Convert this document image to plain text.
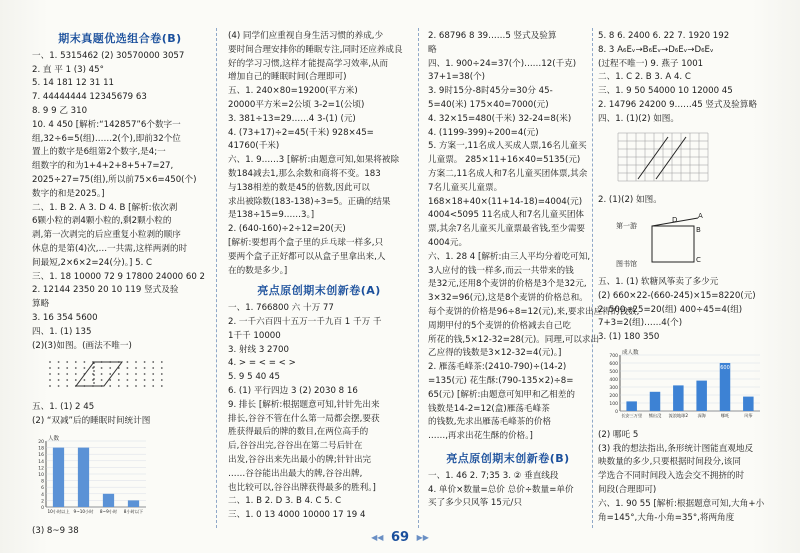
期末真题优选组合卷(B)
一、1. 5315462 (2) 30570000 3057
2. 直 平 1 (3) 45°
5. 14 181 12 31 11
7. 44444444 12345679 63
8. 9 9 乙 310
10. 4 450 [解析:“142857”6个数字一
组,32÷6=5(组)……2(个),即前32个位
置上的数字是6组第2个数字,是4;一
组数字的和为1+4+2+8+5+7=27,
2025÷27=75(组),所以前75×6=450(个)
数字的和是2025。]
二、1. B 2. A 3. D 4. B [解析:依次剥
6颗小粒的剥4颗小粒的,剩2颗小粒的
剥,第一次剥完的后应重复小粒剥的顺序
休息的是第(4)次,…一共需,这样两剥的时
间最短,2×6×2=24(分)。] 5. C
三、1. 18 10000 72 9 17800 24000 60 2
2. 12144 2350 20 10 119 竖式及验
算略
3. 16 354 5600
四、1. (1) 135
(2)(3)如图。(画法不唯一)
五、1. (1) 2 45
(2) “双减”后的睡眠时间统计图
人数
0
2
4
6
8
10
12
14
16
18
20
10小时以上 9~10小时 8~9小时 8小时以下
(3) 8~9 38
(4) 同学们应重视自身生活习惯的养成,少
要时间合理安排你的睡眠专注,同时还应养成良
好的学习习惯,这样才能提高学习效率,从而
增加自己的睡眠时间(合理即可)
五、1. 240×80=19200(平方米)
20000平方米=2公顷 3-2=1(公顷)
3. 381÷13=29……4 3-(1) (元)
4. (73+17)÷2=45(千米) 928×45=
41760(千米)
六、1. 9……3 [解析:由题意可知,如果将被除
数184减去1,那么余数和商将不变。183
与138相差的数是45的倍数,因此可以
求出被除数(183-138)÷3=5。正确的结果
是138÷15=9……3。]
2. (640-160)÷2÷12=20(天)
[解析:要想再个盒子里的乒乓球一样多,只
要两个盒子正好都可以从盒子里拿出来,人
在的数是多少。]
亮点原创期末创新卷(A)
一、1. 766800 六 十万 77
2. 一千六百四十五万一千九百 1 千万 千
1千千 10000
3. 射线 3 2700
4. > = < = < >
5. 9 5 40 45
6. (1) 平行四边 3 (2) 2030 8 16
9. 排长 [解析:根据题意可知,针针先出来
排长,谷谷不管在什么第一局都会摆,要获
胜获得最后的牌的数目,在两位高手的
后,谷谷出完,谷谷出在第二号后针在
出发,谷谷出来先出最小的牌;针针出完
……谷谷能出出最大的牌,谷谷出牌,
也比较可以,谷谷出牌获得最多的胜利。]
二、1. B 2. D 3. B 4. C 5. C
三、1. 0 13 4000 10000 17 19 4
2. 68796 8 39……5 竖式及验算
略
四、1. 900÷24=37(个)……12(千克)
37+1=38(个)
3. 9时15分-8时45分=30分 45-
5=40(米) 175×40=7000(元)
4. 32×15=480(千米) 32-24=8(米)
4. (1199-399)÷200=4(元)
5. 方案一,11名成人买成人票,16名儿童买
儿童票。 285×11+16×40=5135(元)
方案二,11名成人和7名儿童买团体票,其余
7名儿童买儿童票。
168×18+40×(11+14-18)=4004(元)
4004<5095 11名成人和7名儿童买团体
票,其余7名儿童买儿童票最省钱,至少需要
4004元。
六、1. 28 4 [解析:由三人平均分着吃可知,
3人应付的钱一样多,而云一共带来的钱
是32元,还用8个麦饼的价格是3个是32元,
3×32=96(元),这是8个麦饼的价格总和。
每个麦饼的价格是96÷8=12(元),来,要求出应得的钱数,
周期甲付的5个麦饼的价格减去自己吃
所花的钱,5×12-32=28(元)。同理,可以求出
乙应得的钱数是3×12-32=4(元)。]
2. 雁荡毛峰茶:(2410-790)÷(14-2)
=135(元) 花生酥:(790-135×2)÷8=
65(元) [解析:由题意可知甲和乙相差的
钱数是14-2=12(盒)雁荡毛峰茶
的钱数,先求出雁荡毛峰茶的价格
……,再求出花生酥的价格。]
亮点原创期末创新卷(B)
一、1. 46 2. 7;35 3. ② 垂直线段
4. 单价×数量=总价 总价÷数量=单价
买了多少只风筝 15元/只
5. 8 6. 2400 6. 22 7. 1920 192
8. 3 A₆Eᵥ→B₆Eᵥ→D₆Eᵥ→D₆Eᵥ
(过程不唯一) 9. 燕子 1001
二、1. C 2. B 3. A 4. C
三、1. 9 50 54000 10 12000 45
2. 14796 24200 9……45 竖式及验算略
四、1. (1)(2) 如图。
2. (1)(2) 如图。
第一游
A
D
B
C
图书馆
五、1. (1) 软糖风筝卖了多少元
(2) 660×22-(660-245)×15=8220(元)
2. 500÷25=20(组) 400÷45=4(组)
7+3=2(组)……4(个)
3. (1) 180 350
成人数
0
100
200
300
400
500
600
700
长安三万里 熊出没 流浪地球2 深海	哪吒	风筝
600
(2) 哪吒 5
(3) 我的想法指出,条形统计图能直观地反
映数量的多少,只要根据时间段分,该同
学选合不同时间段入选会交不拥挤的时
间段(合理即可)
六、1. 90 55 [解析:根据题意可知,大角+小
角=145°,大角-小角=35°,将两角度
◀◀ 69 ▶▶
